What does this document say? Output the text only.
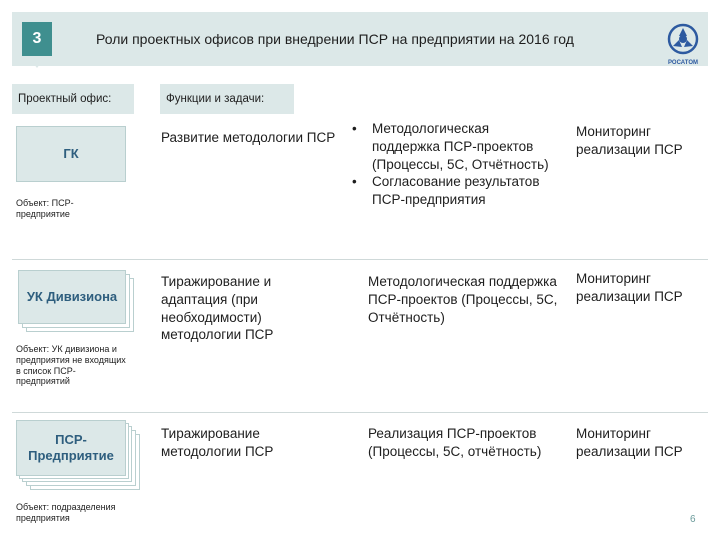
3	Роли проектных офисов при внедрении ПСР на предприятии на 2016 год
РОСАТОМ
Проектный офис:	Функции и задачи:
ГК
Объект: ПСР-предприятие
Развитие методологии ПСР
• Методологическая поддержка ПСР-проектов (Процессы, 5С, Отчётность)
• Согласование результатов ПСР-предприятия
Мониторинг реализации ПСР
УК Дивизиона
Объект: УК дивизиона и предприятия не входящих в список ПСР-предприятий
Тиражирование и адаптация (при необходимости) методологии ПСР
Методологическая поддержка ПСР-проектов (Процессы, 5С, Отчётность)
Мониторинг реализации ПСР
ПСР-Предприятие
Объект: подразделения предприятия
Тиражирование методологии ПСР
Реализация ПСР-проектов (Процессы, 5С, отчётность)
Мониторинг реализации ПСР
6
